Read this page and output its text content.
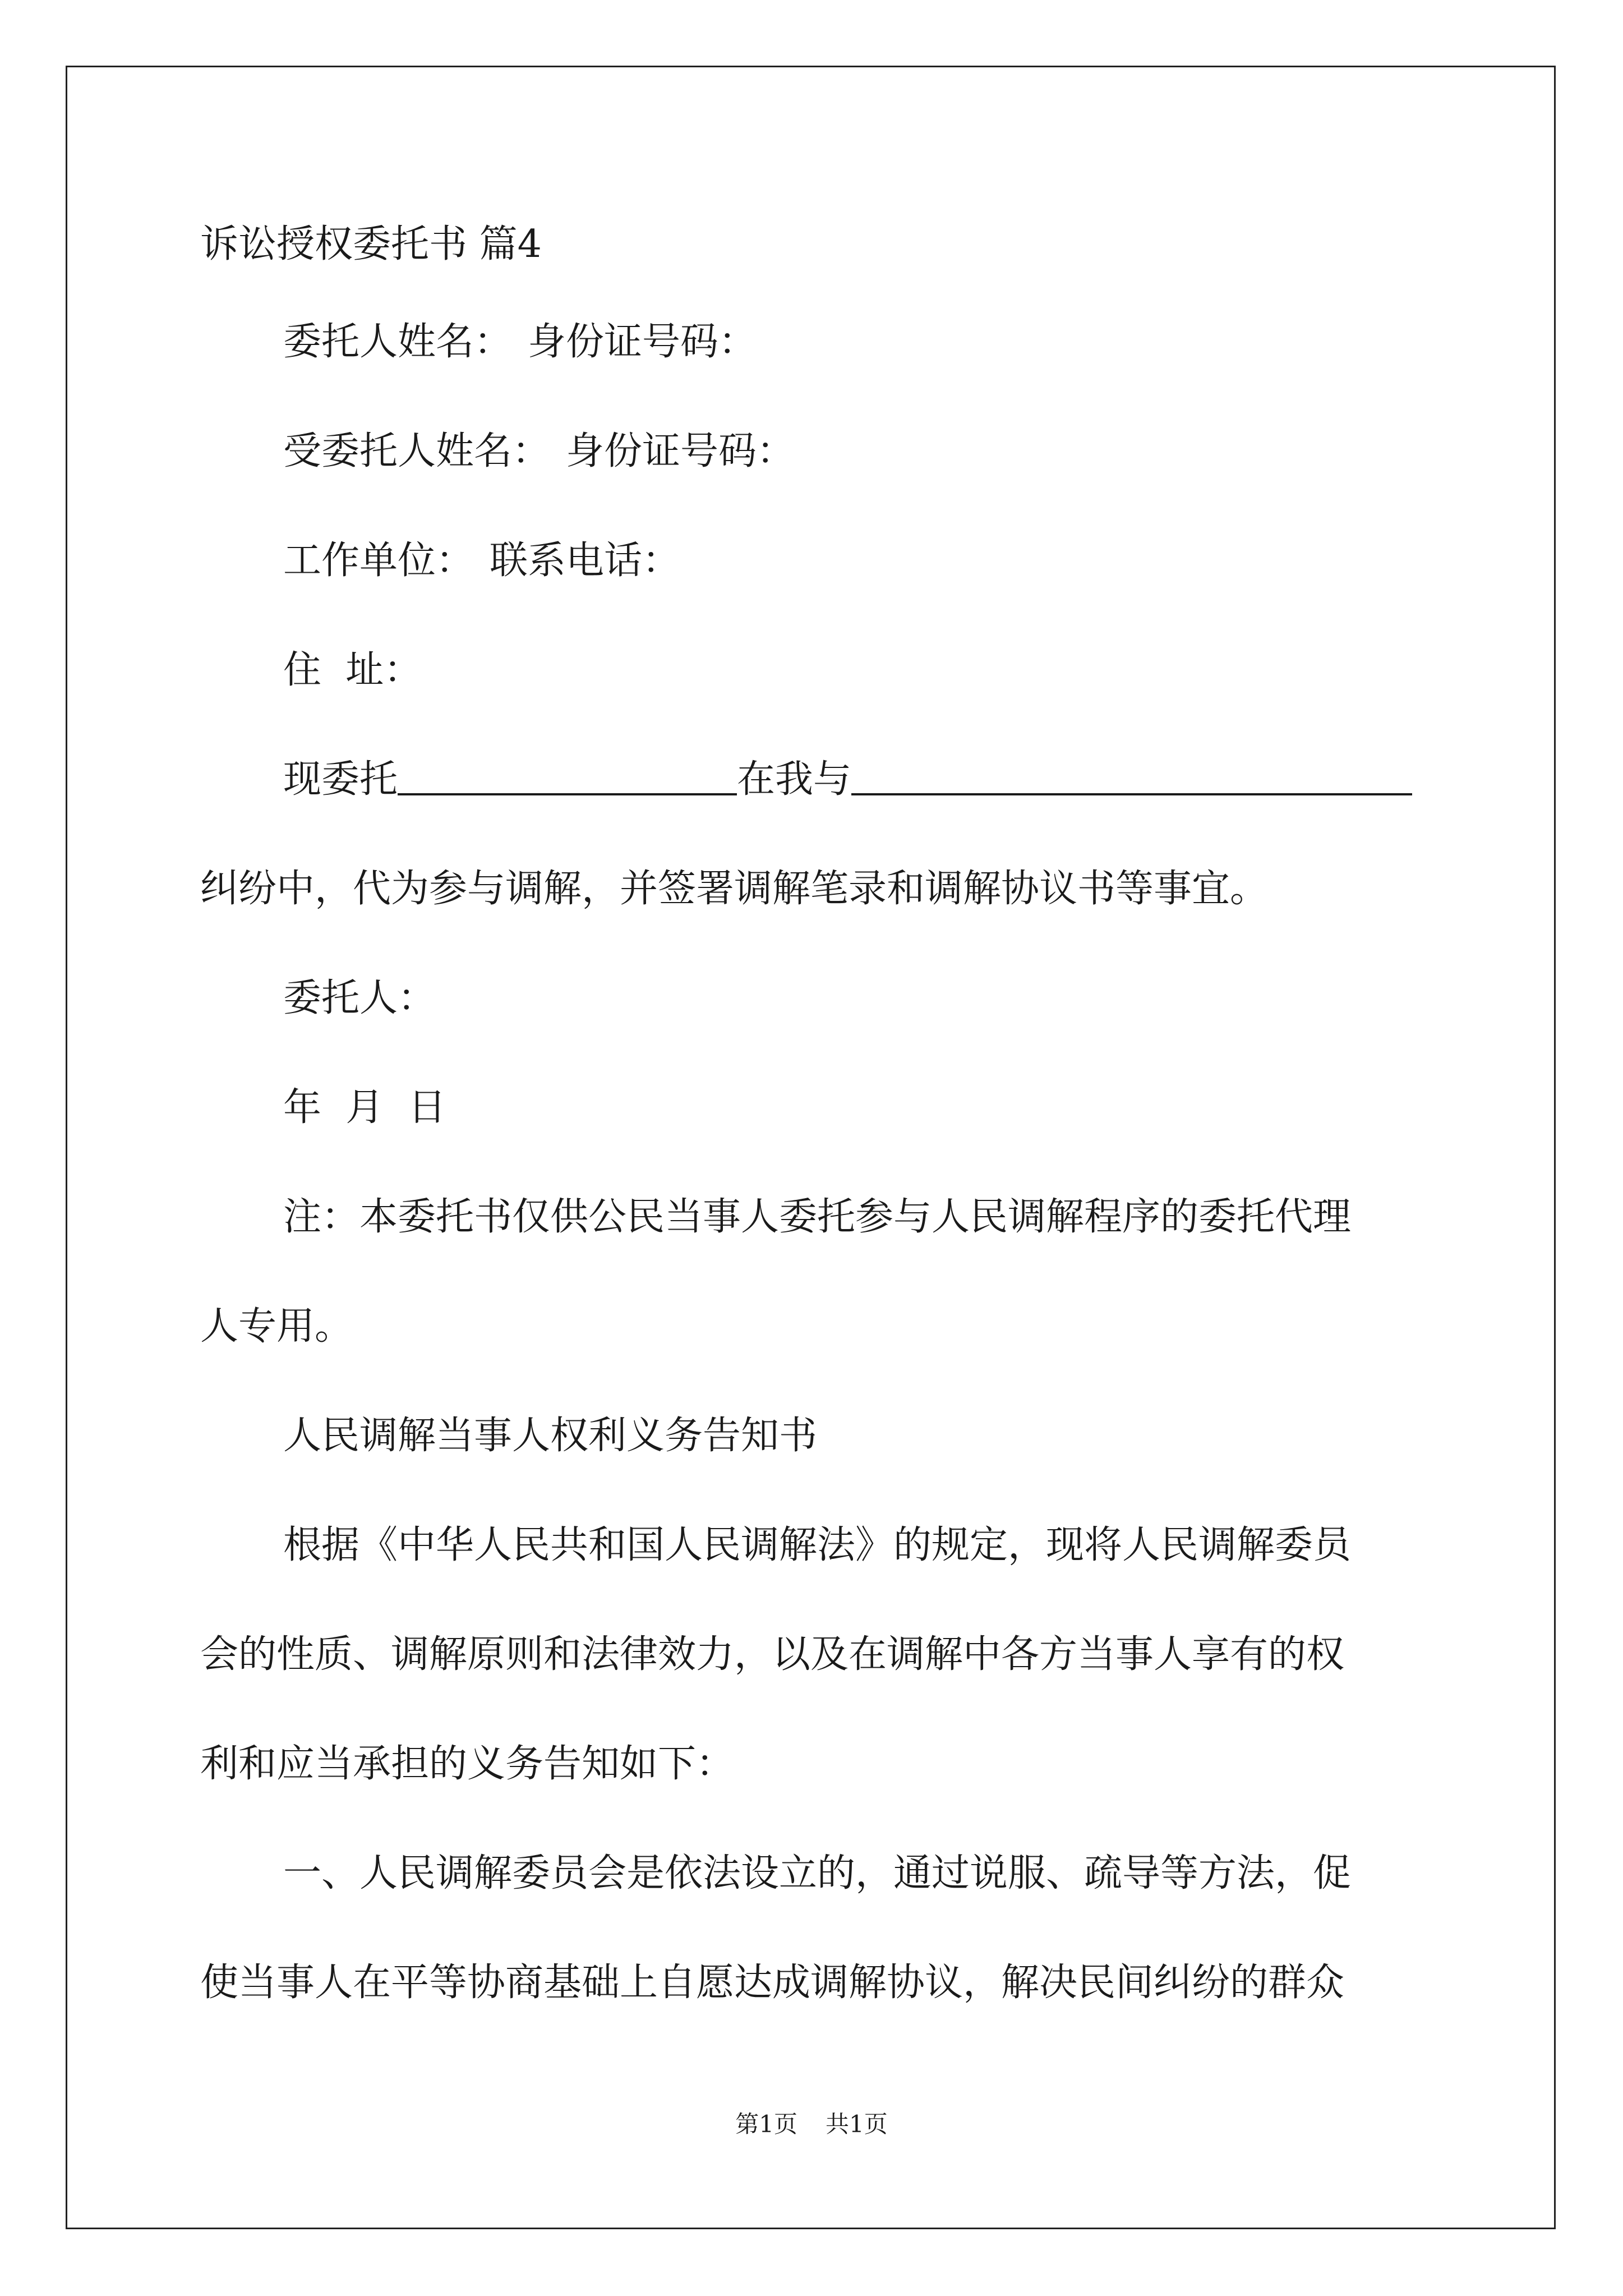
诉讼授权委托书 篇4
委托人姓名： 身份证号码：
受委托人姓名： 身份证号码：
工作单位： 联系电话：
住  址：
现委托	在我与
纠纷中，代为参与调解，并签署调解笔录和调解协议书等事宜。
委托人：
年  月  日
注：本委托书仅供公民当事人委托参与人民调解程序的委托代理
人专用。
人民调解当事人权利义务告知书
根据《中华人民共和国人民调解法》的规定，现将人民调解委员
会的性质、调解原则和法律效力，以及在调解中各方当事人享有的权
利和应当承担的义务告知如下：
一、人民调解委员会是依法设立的，通过说服、疏导等方法，促
使当事人在平等协商基础上自愿达成调解协议，解决民间纠纷的群众
第1页 共1页
